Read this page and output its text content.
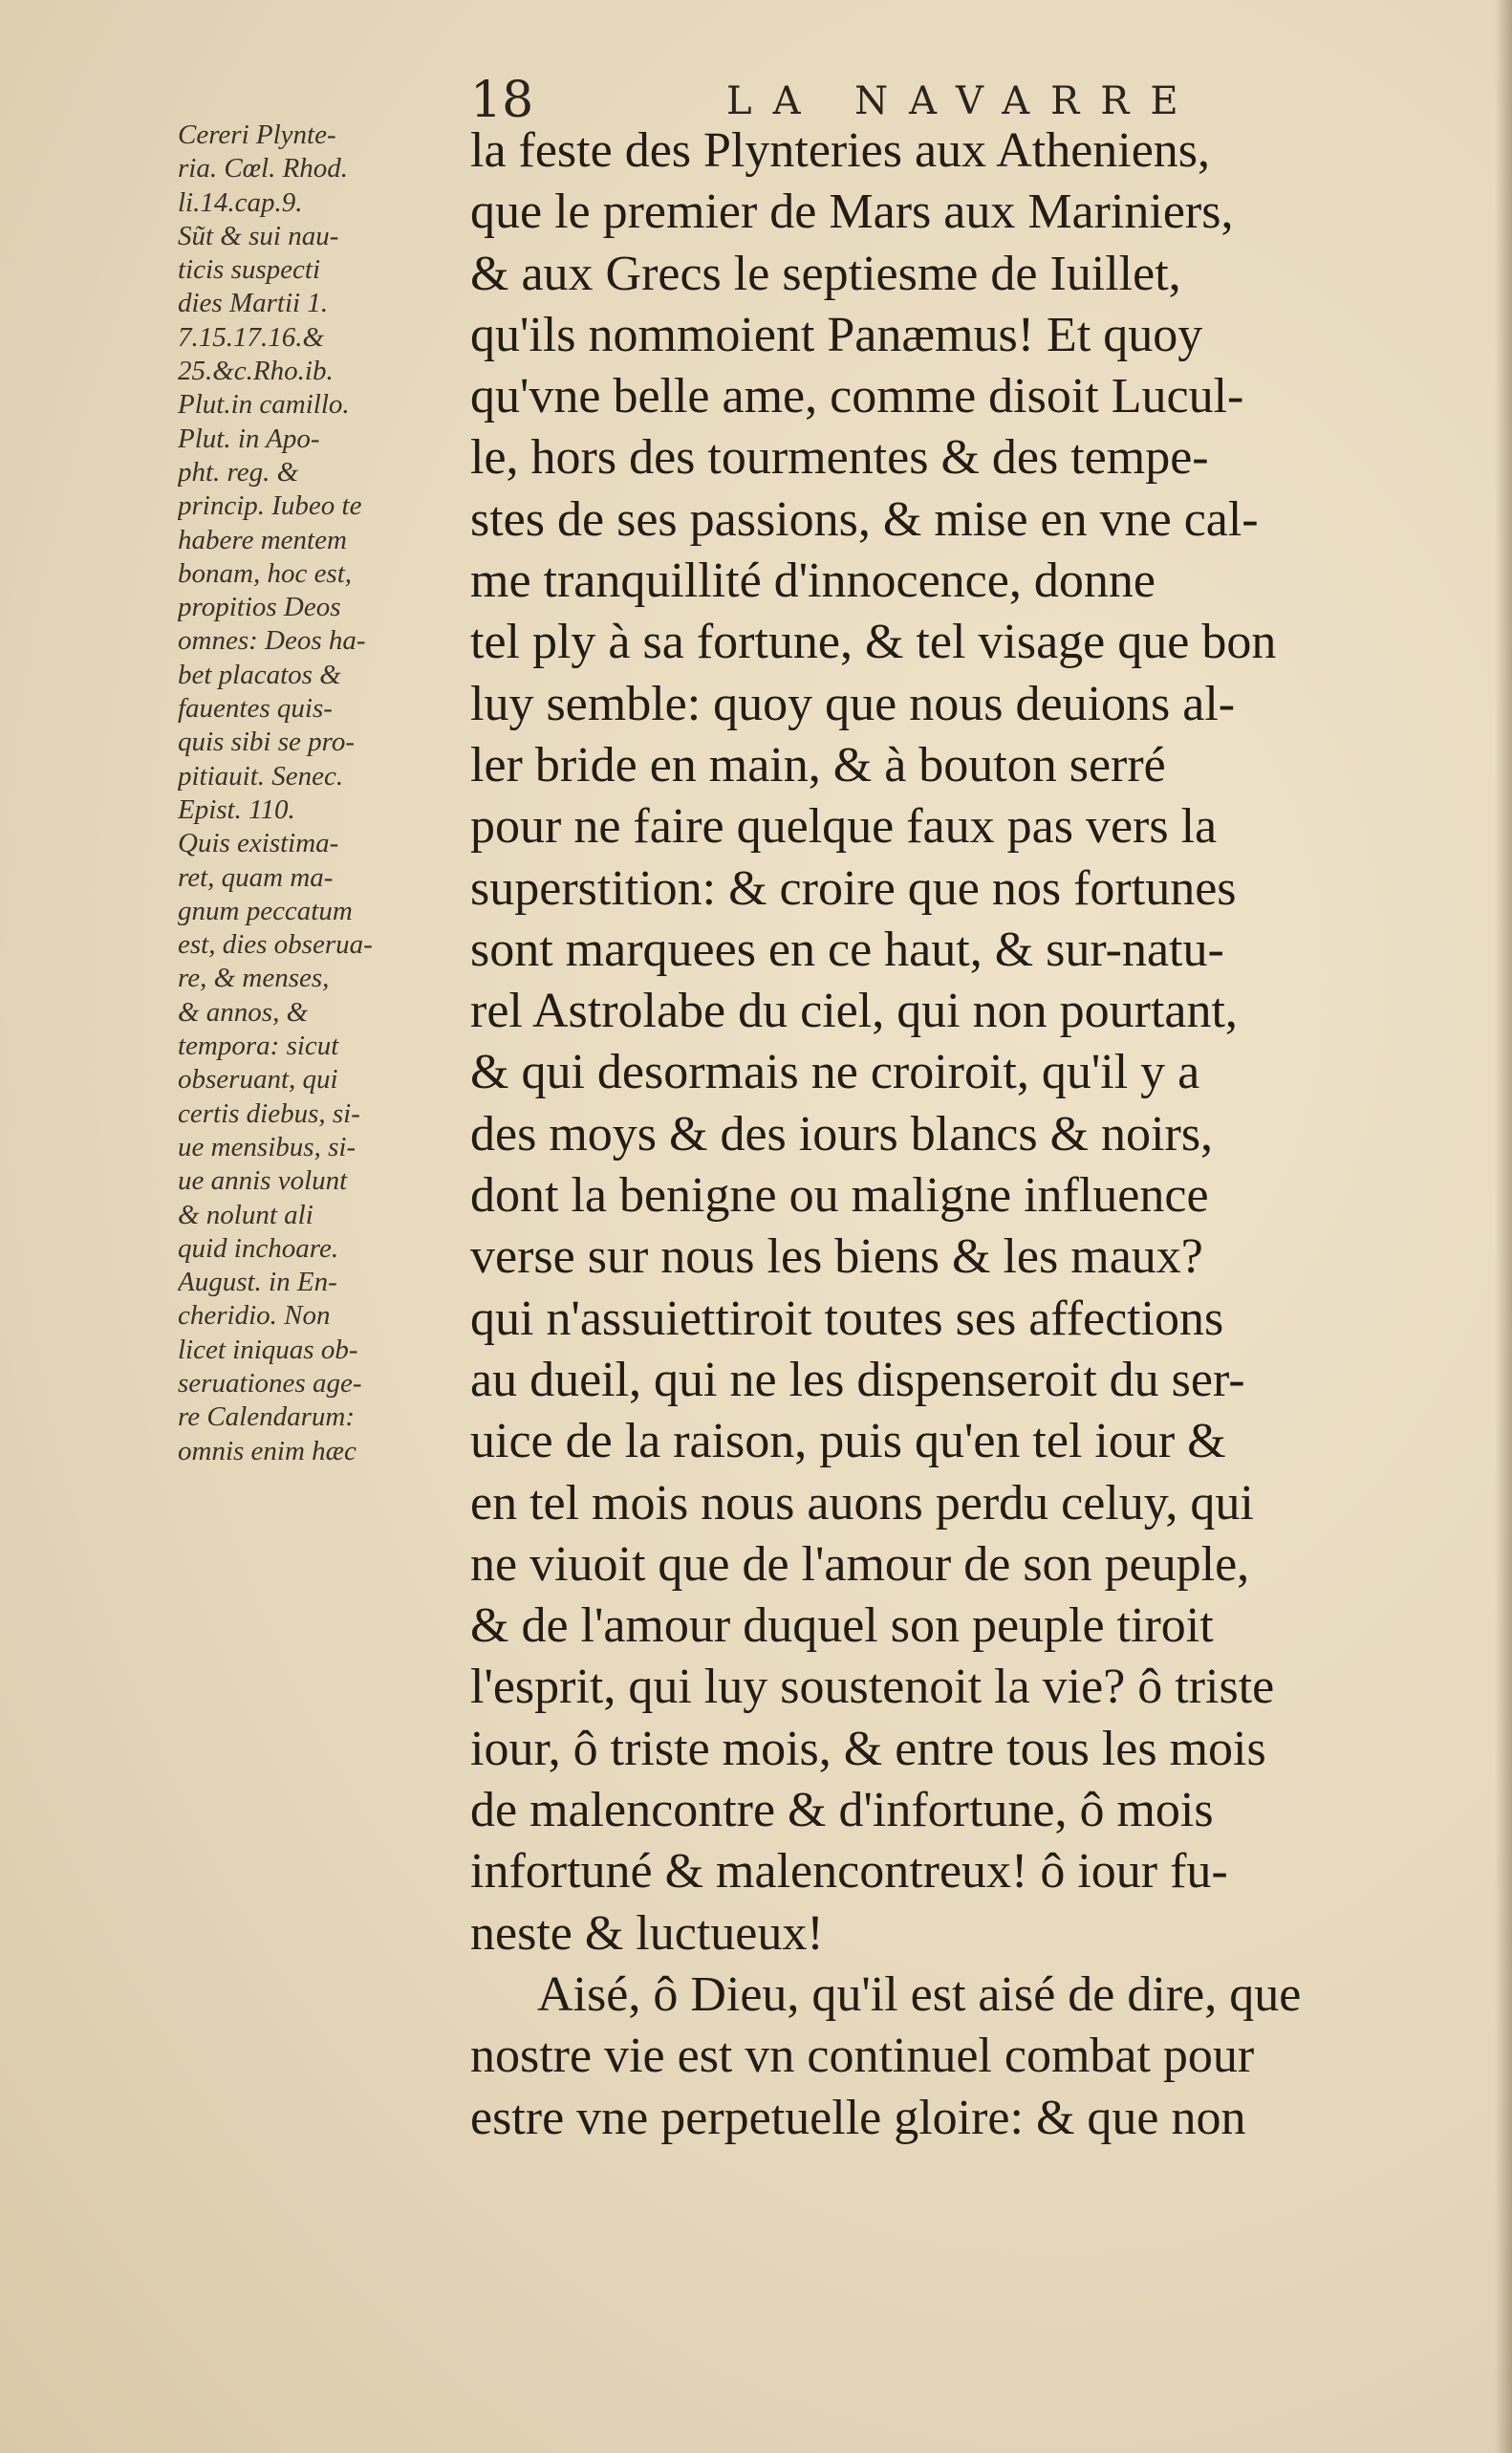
18	LA NAVARRE
Cereri Plynte-
ria. Cœl. Rhod.
li.14.cap.9.
Sũt & sui nau-
ticis suspecti
dies Martii 1.
7.15.17.16.&
25.&c.Rho.ib.
Plut.in camillo.
Plut. in Apo-
pht. reg. &
princip. Iubeo te
habere mentem
bonam, hoc est,
propitios Deos
omnes: Deos ha-
bet placatos &
fauentes quis-
quis sibi se pro-
pitiauit. Senec.
Epist. 110.
Quis existima-
ret, quam ma-
gnum peccatum
est, dies obserua-
re, & menses,
& annos, &
tempora: sicut
obseruant, qui
certis diebus, si-
ue mensibus, si-
ue annis volunt
& nolunt ali
quid inchoare.
August. in En-
cheridio. Non
licet iniquas ob-
seruationes age-
re Calendarum:
omnis enim hæc
la feste des Plynteries aux Atheniens,
que le premier de Mars aux Mariniers,
& aux Grecs le septiesme de Iuillet,
qu'ils nommoient Panæmus! Et quoy
qu'vne belle ame, comme disoit Lucul-
le, hors des tourmentes & des tempe-
stes de ses passions, & mise en vne cal-
me tranquillité d'innocence, donne
tel ply à sa fortune, & tel visage que bon
luy semble: quoy que nous deuions al-
ler bride en main, & à bouton serré
pour ne faire quelque faux pas vers la
superstition: & croire que nos fortunes
sont marquees en ce haut, & sur-natu-
rel Astrolabe du ciel, qui non pourtant,
& qui desormais ne croiroit, qu'il y a
des moys & des iours blancs & noirs,
dont la benigne ou maligne influence
verse sur nous les biens & les maux?
qui n'assuiettiroit toutes ses affections
au dueil, qui ne les dispenseroit du ser-
uice de la raison, puis qu'en tel iour &
en tel mois nous auons perdu celuy, qui
ne viuoit que de l'amour de son peuple,
& de l'amour duquel son peuple tiroit
l'esprit, qui luy soustenoit la vie? ô triste
iour, ô triste mois, & entre tous les mois
de malencontre & d'infortune, ô mois
infortuné & malencontreux! ô iour fu-
neste & luctueux!
Aisé, ô Dieu, qu'il est aisé de dire, que
nostre vie est vn continuel combat pour
estre vne perpetuelle gloire: & que non
